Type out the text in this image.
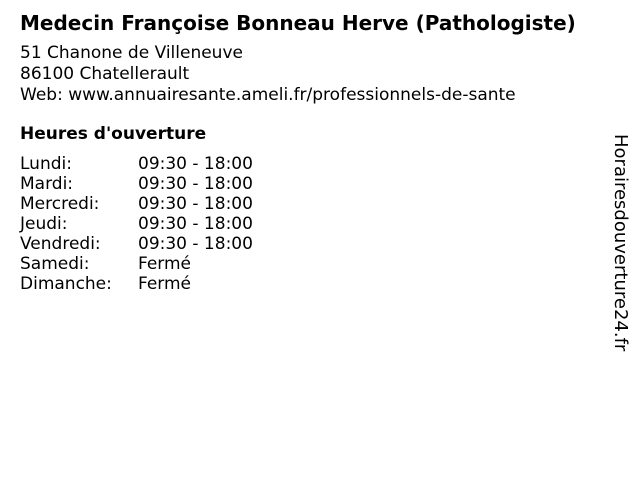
Medecin Françoise Bonneau Herve (Pathologiste)
51 Chanone de Villeneuve
86100 Chatellerault
Web: www.annuairesante.ameli.fr/professionnels-de-sante
Heures d'ouverture
Lundi:	09:30 - 18:00
Mardi:	09:30 - 18:00
Mercredi:	09:30 - 18:00
Jeudi:	09:30 - 18:00
Vendredi:	09:30 - 18:00
Samedi:	Fermé
Dimanche:	Fermé	Horairesdouverture24.fr
